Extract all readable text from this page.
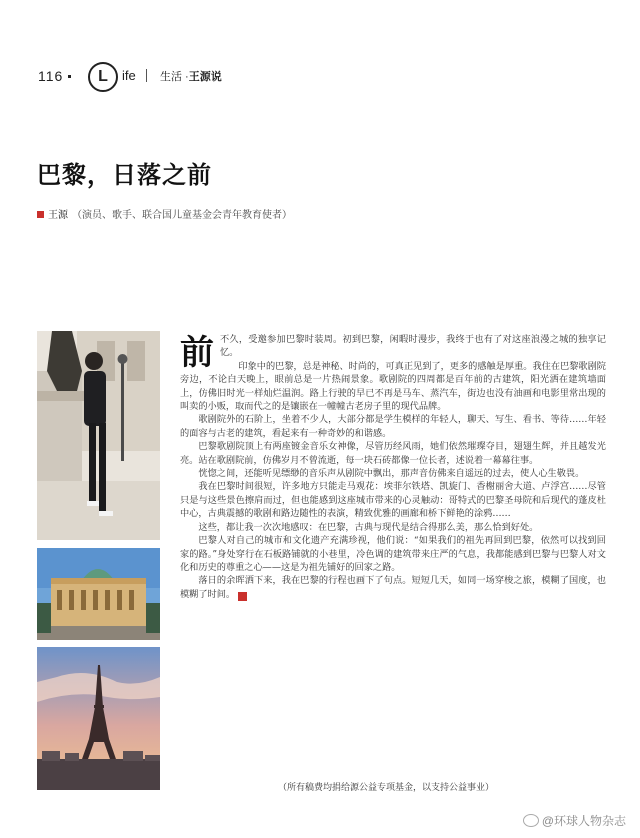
116	L	ife 生活 ·王源说
巴黎，日落之前
王源 （演员、歌手、联合国儿童基金会青年教育使者）

前不久，受邀参加巴黎时装周。初到巴黎，闲暇时漫步，我终于也有了对这座浪漫之城的独享记忆。

印象中的巴黎，总是神秘、时尚的，可真正见到了，更多的感触是厚重。我住在巴黎歌剧院旁边，不论白天晚上，眼前总是一片热闹景象。歌剧院的四周都是百年前的古建筑，阳光洒在建筑墙面上，仿佛旧时光一样灿烂温润。路上行驶的早已不再是马车、蒸汽车，街边也没有油画和电影里常出现的叫卖的小贩，取而代之的是镶嵌在一幢幢古老房子里的现代品牌。

歌剧院外的石阶上，坐着不少人，大部分都是学生模样的年轻人，聊天、写生、看书、等待……年轻的面容与古老的建筑，看起来有一种奇妙的和谐感。

巴黎歌剧院顶上有两座镀金音乐女神像，尽管历经风雨，她们依然璀璨夺目，翅翅生辉，并且越发光亮。站在歌剧院前，仿佛岁月不曾流逝，每一块石砖都像一位长者，述说着一幕幕往事。

恍惚之间，还能听见缥缈的音乐声从剧院中飘出，那声音仿佛来自遥远的过去，使人心生敬畏。

我在巴黎时间很短，许多地方只能走马观花：埃菲尔铁塔、凯旋门、香榭丽舍大道、卢浮宫……尽管只是与这些景色擦肩而过，但也能感到这座城市带来的心灵触动：哥特式的巴黎圣母院和后现代的蓬皮杜中心，古典震撼的歌剧和路边随性的表演，精致优雅的画廊和桥下鲜艳的涂鸦……

这些，都让我一次次地感叹：在巴黎，古典与现代是结合得那么美，那么恰到好处。

巴黎人对自己的城市和文化遗产充满珍视，他们说：“如果我们的祖先再回到巴黎，依然可以找到回家的路。”身处穿行在石板路铺就的小巷里，冷色调的建筑带来庄严的气息，我都能感到巴黎与巴黎人对文化和历史的尊重之心——这是为祖先铺好的回家之路。

落日的余晖洒下来，我在巴黎的行程也画下了句点。短短几天，如同一场穿梭之旅，模糊了国度，也模糊了时间。	G

（所有稿费均捐给源公益专项基金，以支持公益事业）
@环球人物杂志
